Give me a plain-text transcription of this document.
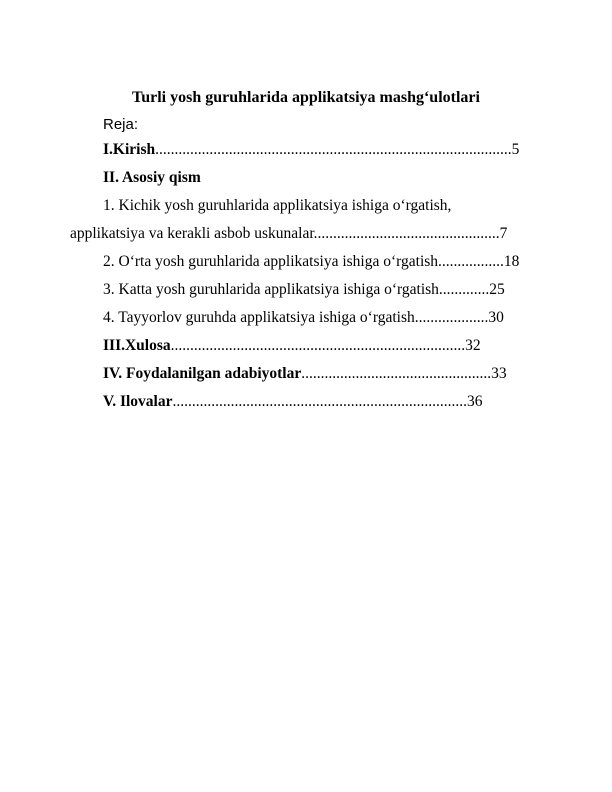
Turli yosh guruhlarida applikatsiya mashg‘ulotlari
Reja:
I.Kirish............................................................................................5
II. Asosiy qism
1. Kichik yosh guruhlarida applikatsiya ishiga o‘rgatish,
applikatsiya va kerakli asbob uskunalar................................................7
2. O‘rta yosh guruhlarida applikatsiya ishiga o‘rgatish.................18
3. Katta yosh guruhlarida applikatsiya ishiga o‘rgatish.............25
4. Tayyorlov guruhda applikatsiya ishiga o‘rgatish...................30
III.Xulosa............................................................................32
IV. Foydalanilgan adabiyotlar.................................................33
V. Ilovalar............................................................................36
